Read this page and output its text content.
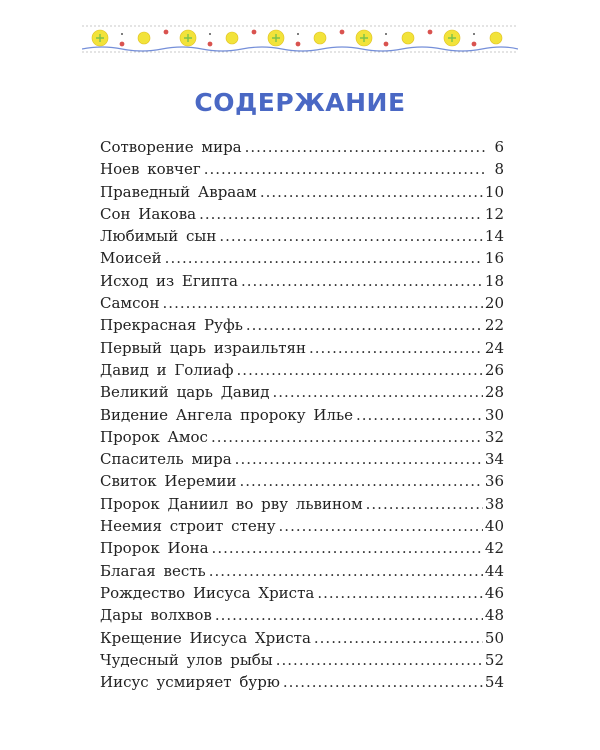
СОДЕРЖАНИЕ
Сотворение мира .....	6
Ноев ковчег .....	8
Праведный Авраам .....	10
Сон Иакова .....	12
Любимый сын .....	14
Моисей .....	16
Исход из Египта .....	18
Самсон .....	20
Прекрасная Руфь .....	22
Первый царь израильтян .....	24
Давид и Голиаф .....	26
Великий царь Давид .....	28
Видение Ангела пророку Илье .....	30
Пророк Амос .....	32
Спаситель мира .....	34
Свиток Иеремии .....	36
Пророк Даниил во рву львином .....	38
Неемия строит стену .....	40
Пророк Иона .....	42
Благая весть .....	44
Рождество Иисуса Христа .....	46
Дары волхвов .....	48
Крещение Иисуса Христа .....	50
Чудесный улов рыбы .....	52
Иисус усмиряет бурю .....	54
